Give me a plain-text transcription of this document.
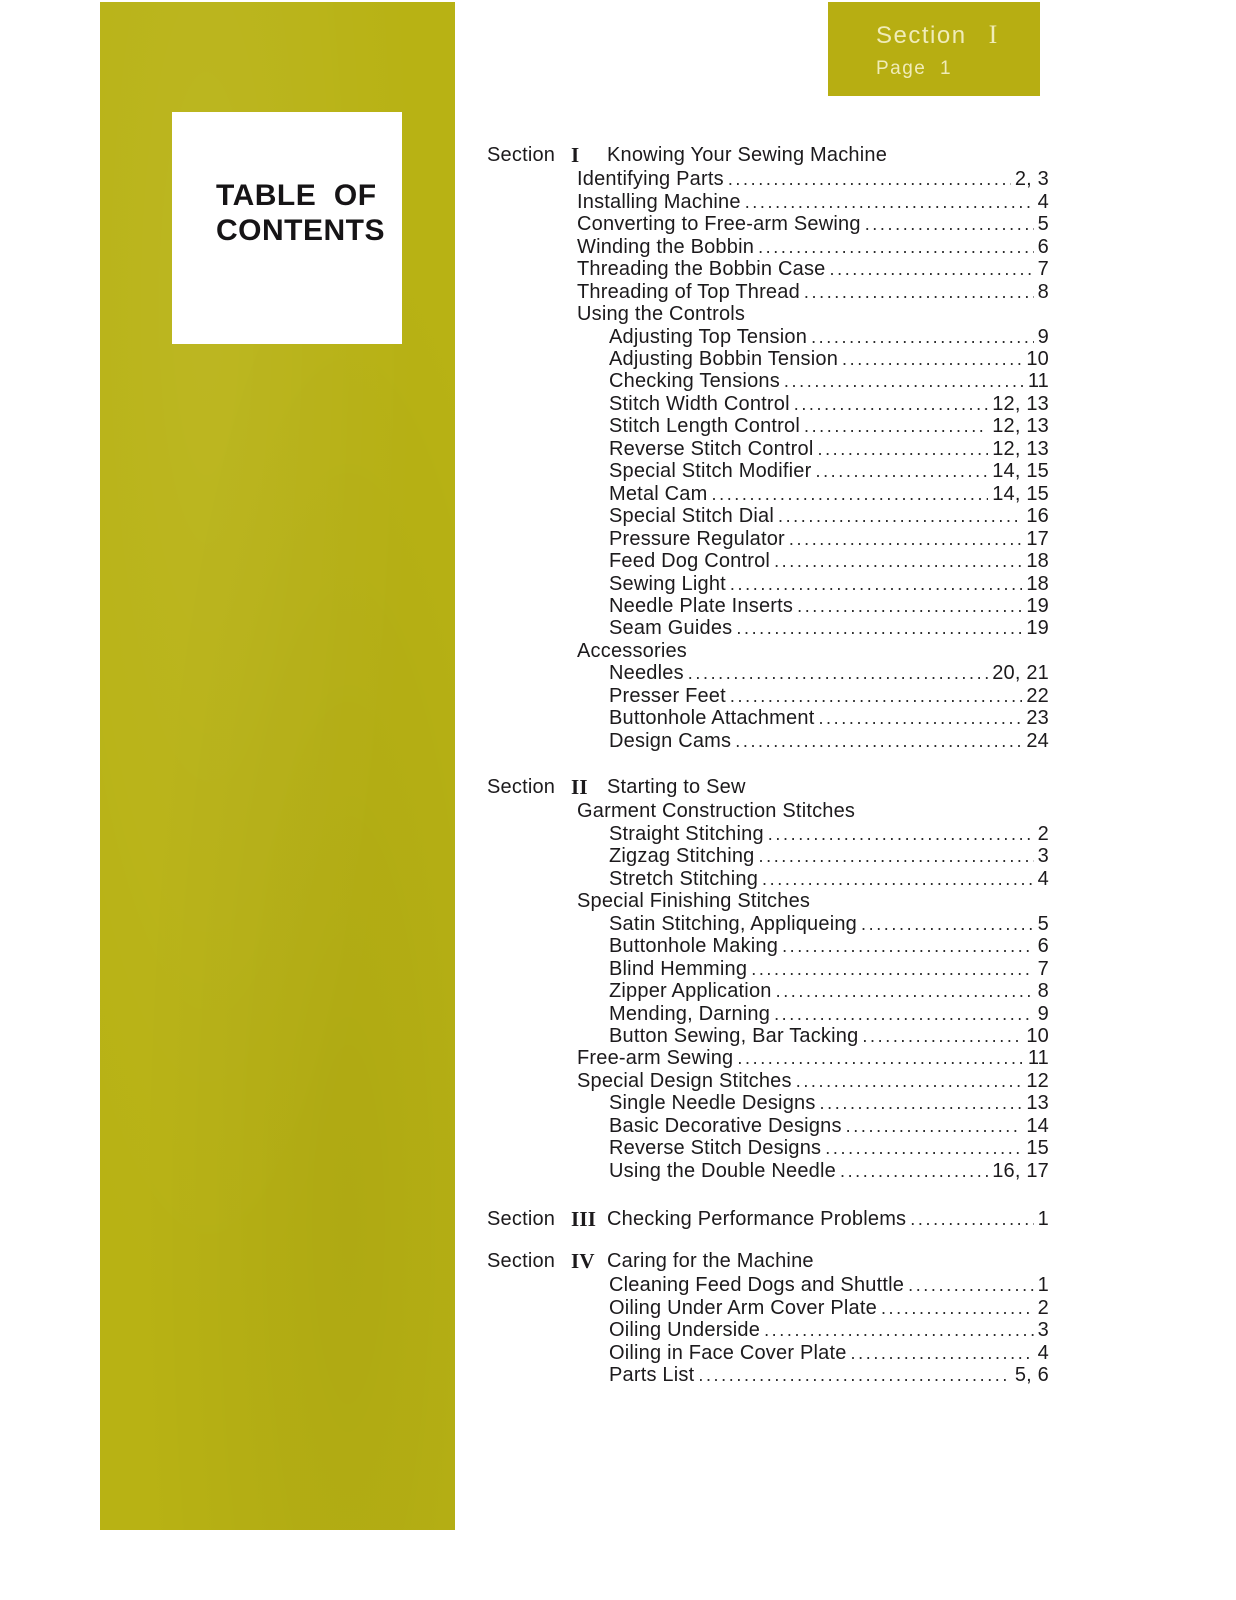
TABLE  OF
CONTENTS
Section I
Page 1
Section I Knowing Your Sewing Machine
Identifying Parts .....	2, 3
Installing Machine .....	4
Converting to Free-arm Sewing .....	5
Winding the Bobbin .....	6
Threading the Bobbin Case .....	7
Threading of Top Thread .....	8
Using the Controls
Adjusting Top Tension .....	9
Adjusting Bobbin Tension .....	10
Checking Tensions .....	11
Stitch Width Control .....	12, 13
Stitch Length Control .....	12, 13
Reverse Stitch Control .....	12, 13
Special Stitch Modifier .....	14, 15
Metal Cam .....	14, 15
Special Stitch Dial .....	16
Pressure Regulator .....	17
Feed Dog Control .....	18
Sewing Light .....	18
Needle Plate Inserts .....	19
Seam Guides .....	19
Accessories
Needles .....	20, 21
Presser Feet .....	22
Buttonhole Attachment .....	23
Design Cams .....	24
Section II Starting to Sew
Garment Construction Stitches
Straight Stitching .....	2
Zigzag Stitching .....	3
Stretch Stitching .....	4
Special Finishing Stitches
Satin Stitching, Appliqueing .....	5
Buttonhole Making .....	6
Blind Hemming .....	7
Zipper Application .....	8
Mending, Darning .....	9
Button Sewing, Bar Tacking .....	10
Free-arm Sewing .....	11
Special Design Stitches .....	12
Single Needle Designs .....	13
Basic Decorative Designs .....	14
Reverse Stitch Designs .....	15
Using the Double Needle .....	16, 17
Section III Checking Performance Problems .....	1
Section IV Caring for the Machine
Cleaning Feed Dogs and Shuttle .....	1
Oiling Under Arm Cover Plate .....	2
Oiling Underside .....	3
Oiling in Face Cover Plate .....	4
Parts List .....	5, 6
